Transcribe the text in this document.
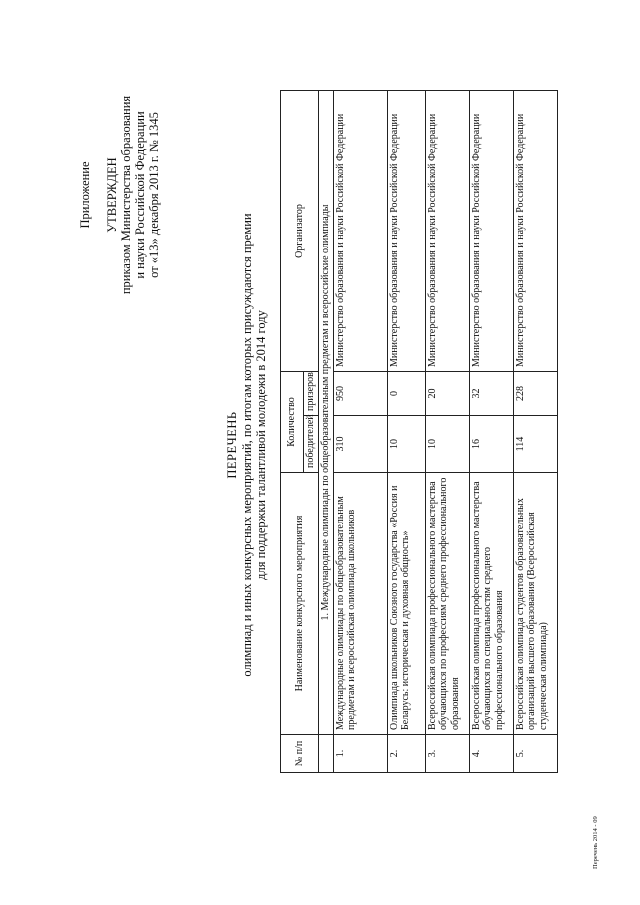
Приложение УТВЕРЖДЕН приказом Министерства образования и науки Российской Федерации от «13» декабря 2013 г. № 1345
ПЕРЕЧЕНЬ олимпиад и иных конкурсных мероприятий, по итогам которых присуждаются премии для поддержки талантливой молодежи в 2014 году
№ п/п	Наименование конкурсного мероприятия	Количество		Организатор
		победителей	призеров	
	1. Международные олимпиады по общеобразовательным предметам и всероссийские олимпиады			
1.	Международные олимпиады по общеобразовательным предметам и всероссийская олимпиада школьников	310	950	Министерство образования и науки Российской Федерации
2.	Олимпиада школьников Союзного государства «Россия и Беларусь: историческая и духовная общность»	10	0	Министерство образования и науки Российской Федерации
3.	Всероссийская олимпиада профессионального мастерства обучающихся по профессиям среднего профессионального образования	10	20	Министерство образования и науки Российской Федерации
4.	Всероссийская олимпиада профессионального мастерства обучающихся по специальностям среднего профессионального образования	16	32	Министерство образования и науки Российской Федерации
5.	Всероссийская олимпиада студентов образовательных организаций высшего образования (Всероссийская студенческая олимпиада)	114	228	Министерство образования и науки Российской Федерации
Перечень 2014 - 09
